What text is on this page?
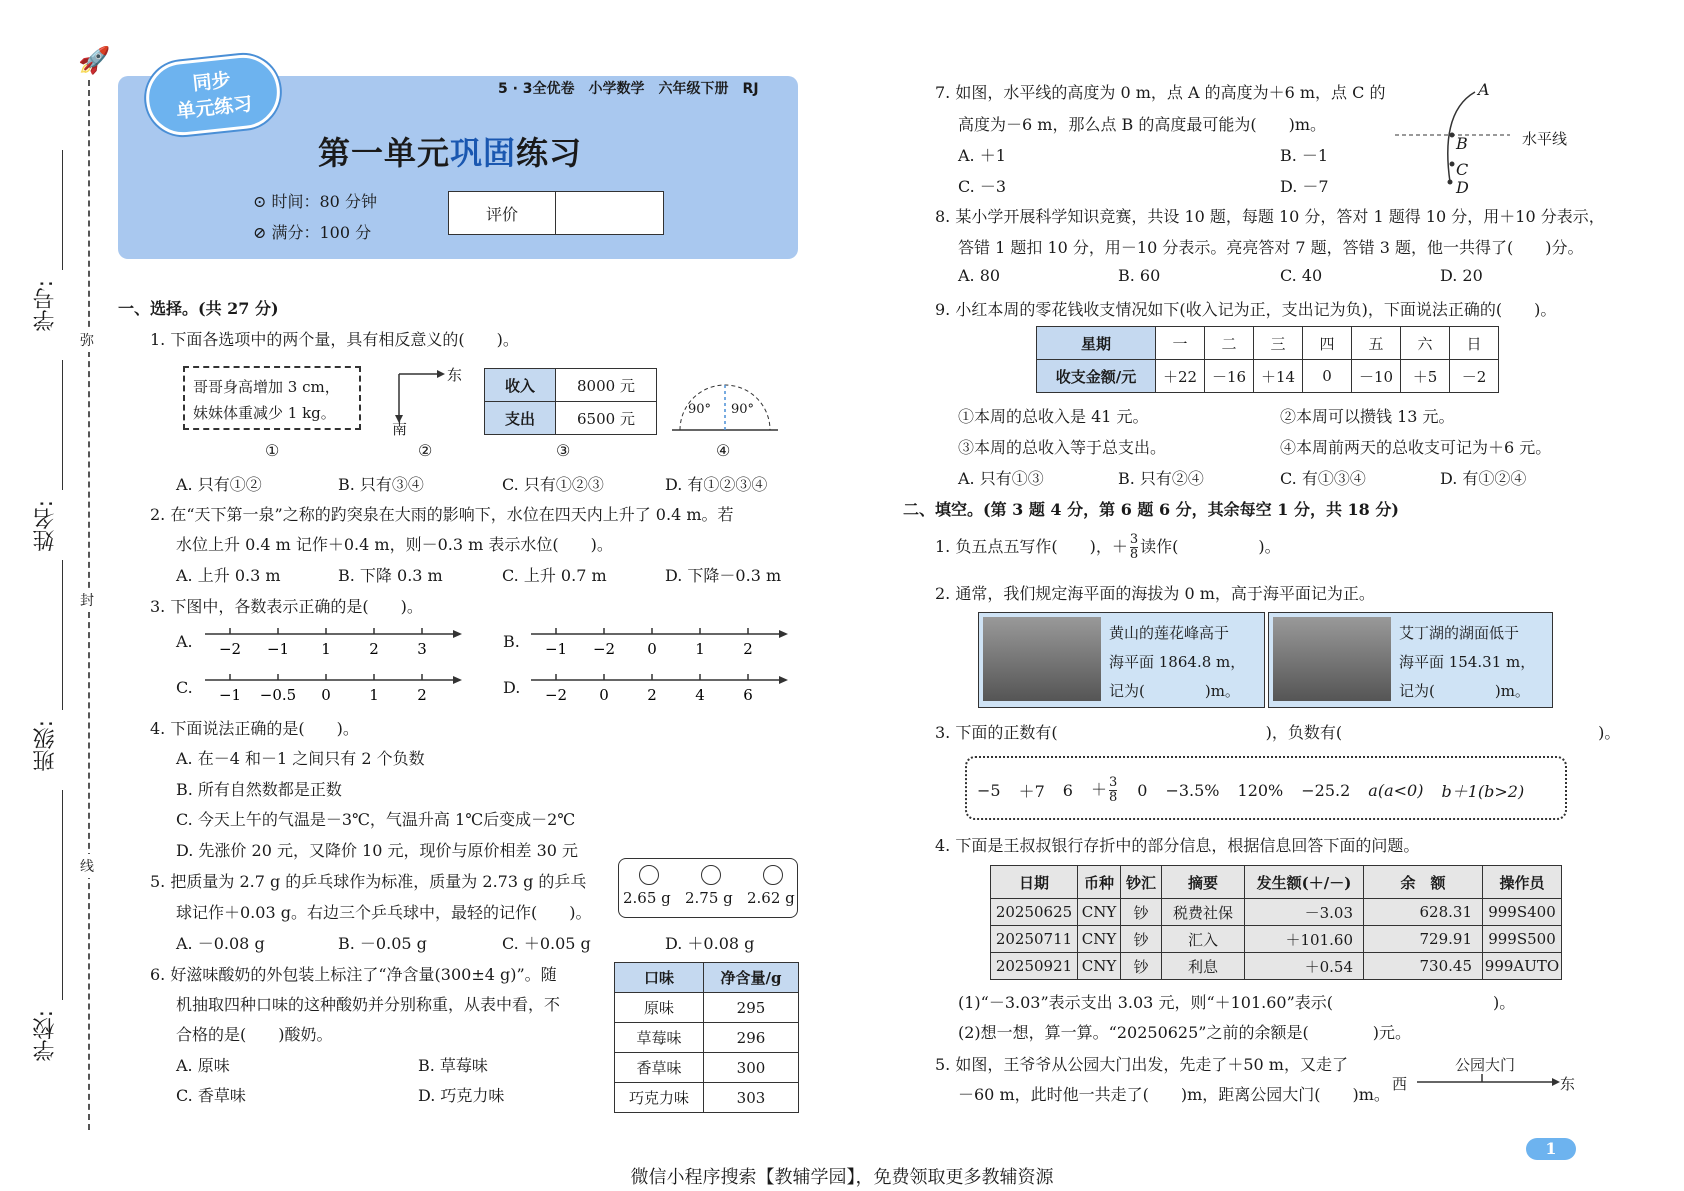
🚀
学号:
姓名:
班级:
学校:
弥
封
线
同步
单元练习
5 · 3全优卷　小学数学　六年级下册　RJ
第一单元巩固练习
⊙ 时间：80 分钟
⊘ 满分：100 分
评价
一、选择。(共 27 分)
1. 下面各选项中的两个量，具有相反意义的(　　)。
哥哥身高增加 3 cm，
妹妹体重减少 1 kg。
东
南
收入	8000 元
支出	6500 元	90° 90°
①	②	③	④
A. 只有①②	B. 只有③④	C. 只有①②③	D. 有①②③④
2. 在“天下第一泉”之称的趵突泉在大雨的影响下，水位在四天内上升了 0.4 m。若
水位上升 0.4 m 记作＋0.4 m，则－0.3 m 表示水位(　　)。
A. 上升 0.3 m	B. 下降 0.3 m	C. 上升 0.7 m	D. 下降－0.3 m
3. 下图中，各数表示正确的是(　　)。
A.	B.
C.	D.
−2 −1 1	2	3	−1 −2 0	1	2
−1 −0.5 0	1	2	−2 0	2	4	6
4. 下面说法正确的是(　　)。
A. 在－4 和－1 之间只有 2 个负数
B. 所有自然数都是正数
C. 今天上午的气温是－3℃，气温升高 1℃后变成－2℃
D. 先涨价 20 元，又降价 10 元，现价与原价相差 30 元
5. 把质量为 2.7 g 的乒乓球作为标准，质量为 2.73 g 的乒乓
球记作＋0.03 g。右边三个乒乓球中，最轻的记作(　　)。
2.65 g 2.75 g 2.62 g
A. －0.08 g	B. －0.05 g	C. ＋0.05 g	D. ＋0.08 g
6. 好滋味酸奶的外包装上标注了“净含量(300±4 g)”。随
机抽取四种口味的这种酸奶并分别称重，从表中看，不
合格的是(　　)酸奶。
A. 原味	B. 草莓味
C. 香草味	D. 巧克力味
口味	净含量/g
原味	295
草莓味	296
香草味	300
巧克力味	303
7. 如图，水平线的高度为 0 m，点 A 的高度为＋6 m，点 C 的
高度为－6 m，那么点 B 的高度最可能为(　　)m。
A. ＋1	B. －1
C. －3	D. －7
A
B
C
D
水平线
8. 某小学开展科学知识竞赛，共设 10 题，每题 10 分，答对 1 题得 10 分，用＋10 分表示，
答错 1 题扣 10 分，用－10 分表示。亮亮答对 7 题，答错 3 题，他一共得了(　　)分。
A. 80	B. 60	C. 40	D. 20
9. 小红本周的零花钱收支情况如下(收入记为正，支出记为负)，下面说法正确的(　　)。
星期	一	二	三	四	五	六	日
收支金额/元	＋22	－16	＋14	0	－10	＋5	－2
①本周的总收入是 41 元。	②本周可以攒钱 13 元。
③本周的总收入等于总支出。	④本周前两天的总收支可记为＋6 元。
A. 只有①③	B. 只有②④	C. 有①③④	D. 有①②④
二、填空。(第 3 题 4 分，第 6 题 6 分，其余每空 1 分，共 18 分)
1. 负五点五写作(　　)，＋ $\frac{3}{8}$ 读作(　　　　　)。
2. 通常，我们规定海平面的海拔为 0 m，高于海平面记为正。
黄山的莲花峰高于
海平面 1864.8 m，
记为(　　　　)m。
艾丁湖的湖面低于
海平面 154.31 m，
记为(　　　　)m。
3. 下面的正数有(　　　　　　　　　　　　　)，负数有(　　　　　　　　　　　　　　　　)。
−5 ＋7 $6 + \frac{3}{8} 0 -3.5\%$ 120% −25.2 a(a<0) b＋1(b>2)
4. 下面是王叔叔银行存折中的部分信息，根据信息回答下面的问题。
日期	币种	钞汇	摘要	发生额(＋/－)	余　额	操作员
20250625	CNY	钞	税费社保	－3.03	628.31	999S400
20250711	CNY	钞	汇入	＋101.60	729.91	999S500
20250921	CNY	钞	利息	＋0.54	730.45	999AUTO
(1)“－3.03”表示支出 3.03 元，则“＋101.60”表示(　　　　　　　　　　)。
(2)想一想，算一算。“20250625”之前的余额是(　　　　)元。
5. 如图，王爷爷从公园大门出发，先走了＋50 m，又走了
－60 m，此时他一共走了(　　)m，距离公园大门(　　)m。
公园大门
西	东
1
微信小程序搜索【教辅学园】，免费领取更多教辅资源
